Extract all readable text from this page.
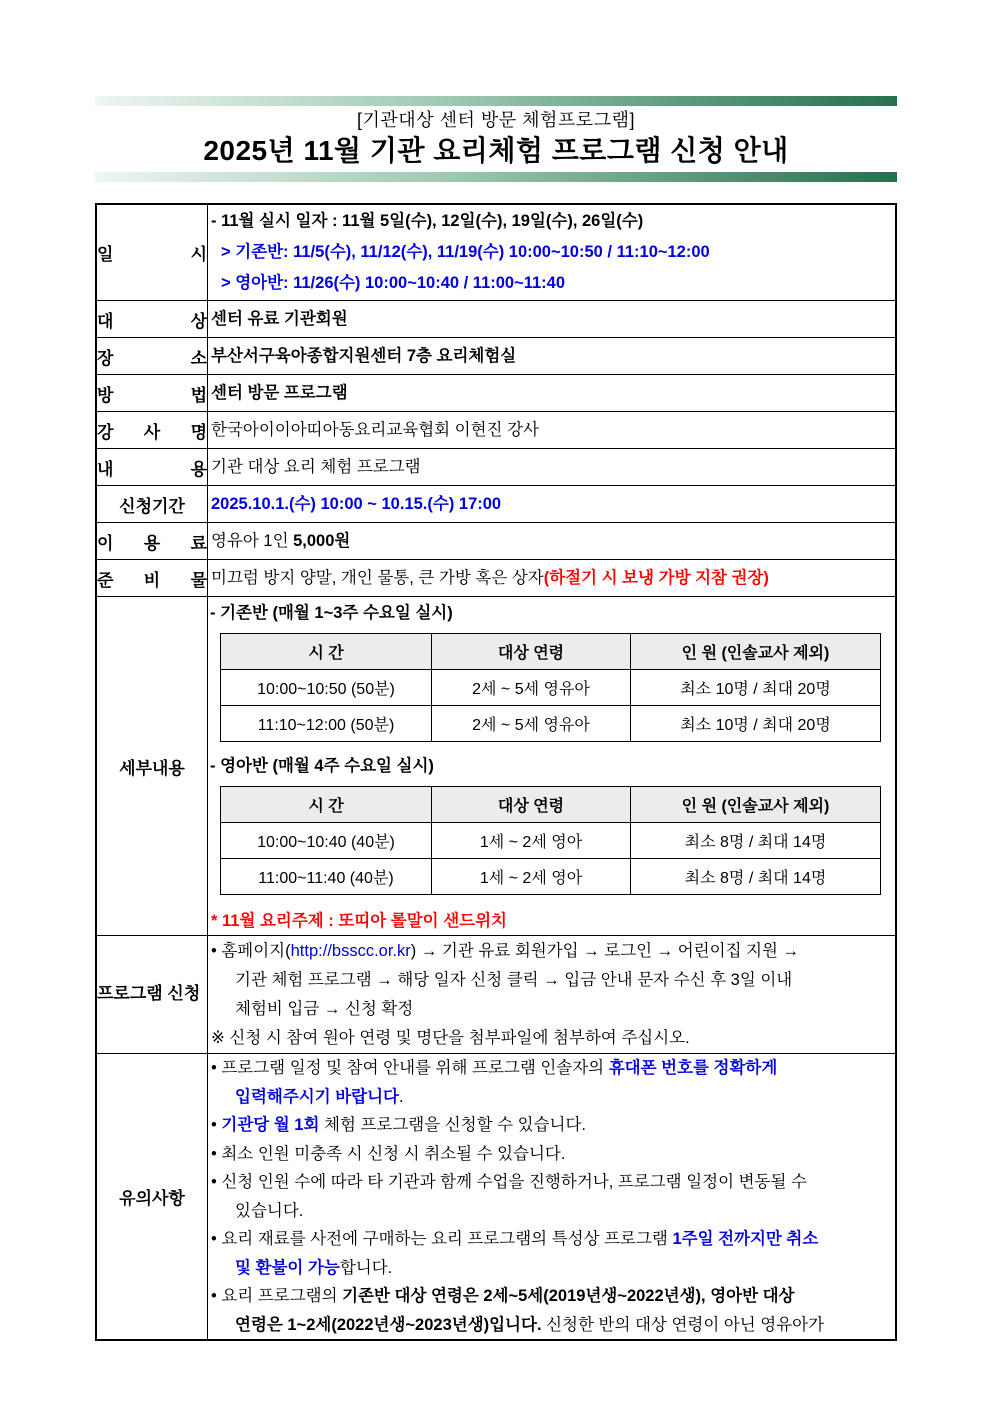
[기관대상 센터 방문 체험프로그램]
2025년 11월 기관 요리체험 프로그램 신청 안내
일 시

- 11월 실시 일자 : 11월 5일(수), 12일(수), 19일(수), 26일(수)
> 기존반: 11/5(수), 11/12(수), 11/19(수) 10:00~10:50 / 11:10~12:00
> 영아반: 11/26(수) 10:00~10:40 / 11:00~11:40

대 상	센터 유료 기관회원

장 소	부산서구육아종합지원센터 7층 요리체험실

방 법	센터 방문 프로그램

강 사 명	한국아이이아띠아동요리교육협회 이현진 강사

내 용	기관 대상 요리 체험 프로그램

신청기간	2025.10.1.(수) 10:00 ~ 10.15.(수) 17:00

이 용 료	영유아 1인 5,000원

준 비 물	미끄럼 방지 양말, 개인 물통, 큰 가방 혹은 상자(하절기 시 보냉 가방 지참 권장)

세부내용

- 기존반 (매월 1~3주 수요일 실시)
시 간	대상 연령	인 원 (인솔교사 제외)
10:00~10:50 (50분)	2세 ~ 5세 영유아	최소 10명 / 최대 20명
11:10~12:00 (50분)	2세 ~ 5세 영유아	최소 10명 / 최대 20명
- 영아반 (매월 4주 수요일 실시)
시 간	대상 연령	인 원 (인솔교사 제외)
10:00~10:40 (40분)	1세 ~ 2세 영아	최소 8명 / 최대 14명
11:00~11:40 (40분)	1세 ~ 2세 영아	최소 8명 / 최대 14명
* 11월 요리주제 : 또띠아 롤말이 샌드위치

프로그램 신청

• 홈페이지(http://bsscc.or.kr) → 기관 유료 회원가입 → 로그인 → 어린이집 지원 →
기관 체험 프로그램 → 해당 일자 신청 클릭 → 입금 안내 문자 수신 후 3일 이내
체험비 입금 → 신청 확정
※ 신청 시 참여 원아 연령 및 명단을 첨부파일에 첨부하여 주십시오.

유의사항

• 프로그램 일정 및 참여 안내를 위해 프로그램 인솔자의 휴대폰 번호를 정확하게
입력해주시기 바랍니다.
• 기관당 월 1회 체험 프로그램을 신청할 수 있습니다.
• 최소 인원 미충족 시 신청 시 취소될 수 있습니다.
• 신청 인원 수에 따라 타 기관과 함께 수업을 진행하거나, 프로그램 일정이 변동될 수
있습니다.
• 요리 재료를 사전에 구매하는 요리 프로그램의 특성상 프로그램 1주일 전까지만 취소
및 환불이 가능합니다.
• 요리 프로그램의 기존반 대상 연령은 2세~5세(2019년생~2022년생), 영아반 대상
연령은 1~2세(2022년생~2023년생)입니다. 신청한 반의 대상 연령이 아닌 영유아가
